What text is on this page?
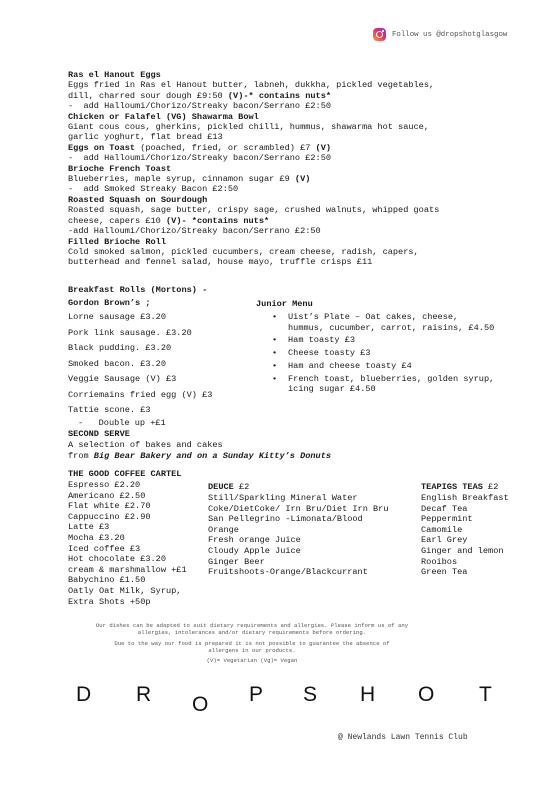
Follow us @dropshotglasgow
Ras el Hanout Eggs
Eggs fried in Ras el Hanout butter, labneh, dukkha, pickled vegetables,
dill, charred sour dough £9:50 (V)-* contains nuts*
-  add Halloumi/Chorizo/Streaky bacon/Serrano £2:50
Chicken or Falafel (VG) Shawarma Bowl
Giant cous cous, gherkins, pickled chilli, hummus, shawarma hot sauce,
garlic yoghurt, flat bread £13
Eggs on Toast (poached, fried, or scrambled) £7 (V)
-  add Halloumi/Chorizo/Streaky bacon/Serrano £2:50
Brioche French Toast
Blueberries, maple syrup, cinnamon sugar £9 (V)
-  add Smoked Streaky Bacon £2:50
Roasted Squash on Sourdough
Roasted squash, sage butter, crispy sage, crushed walnuts, whipped goats
cheese, capers £10 (V)- *contains nuts*
-add Halloumi/Chorizo/Streaky bacon/Serrano £2:50
Filled Brioche Roll
Cold smoked salmon, pickled cucumbers, cream cheese, radish, capers,
butterhead and fennel salad, house mayo, truffle crisps £11
Breakfast Rolls (Mortons) -
Gordon Brown’s ;
Lorne sausage £3.20
Pork link sausage. £3.20
Black pudding. £3.20
Smoked bacon. £3.20
Veggie Sausage (V) £3
Corriemains fried egg (V) £3
Tattie scone. £3
-   Double up +£1
Junior Menu
• Uist’s Plate – Oat cakes, cheese,
hummus, cucumber, carrot, raisins, £4.50
• Ham toasty £3
• Cheese toasty £3
• Ham and cheese toasty £4
• French toast, blueberries, golden syrup,
icing sugar £4.50
SECOND SERVE
A selection of bakes and cakes
from Big Bear Bakery and on a Sunday Kitty’s Donuts
THE GOOD COFFEE CARTEL
Espresso £2.20
Americano £2.50
Flat white £2.70
Cappuccino £2.90
Latte £3
Mocha £3.20
Iced coffee £3
Hot chocolate £3.20
cream & marshmallow +£1
Babychino £1.50
Oatly Oat Milk, Syrup,
Extra Shots +50p
DEUCE £2
Still/Sparkling Mineral Water
Coke/DietCoke/ Irn Bru/Diet Irn Bru
San Pellegrino -Limonata/Blood
Orange
Fresh orange Juice
Cloudy Apple Juice
Ginger Beer
Fruitshoots-Orange/Blackcurrant
TEAPIGS TEAS £2
English Breakfast
Decaf Tea
Peppermint
Camomile
Earl Grey
Ginger and lemon
Rooibos
Green Tea
Our dishes can be adapted to suit dietary requirements and allergies. Please inform us of any
allergies, intolerances and/or dietary requirements before ordering.
Due to the way our food is prepared it is not possible to guarantee the absence of
allergens in our products.
(V)= Vegetarian (Vg)= Vegan
D R O P S H O T
@ Newlands Lawn Tennis Club
